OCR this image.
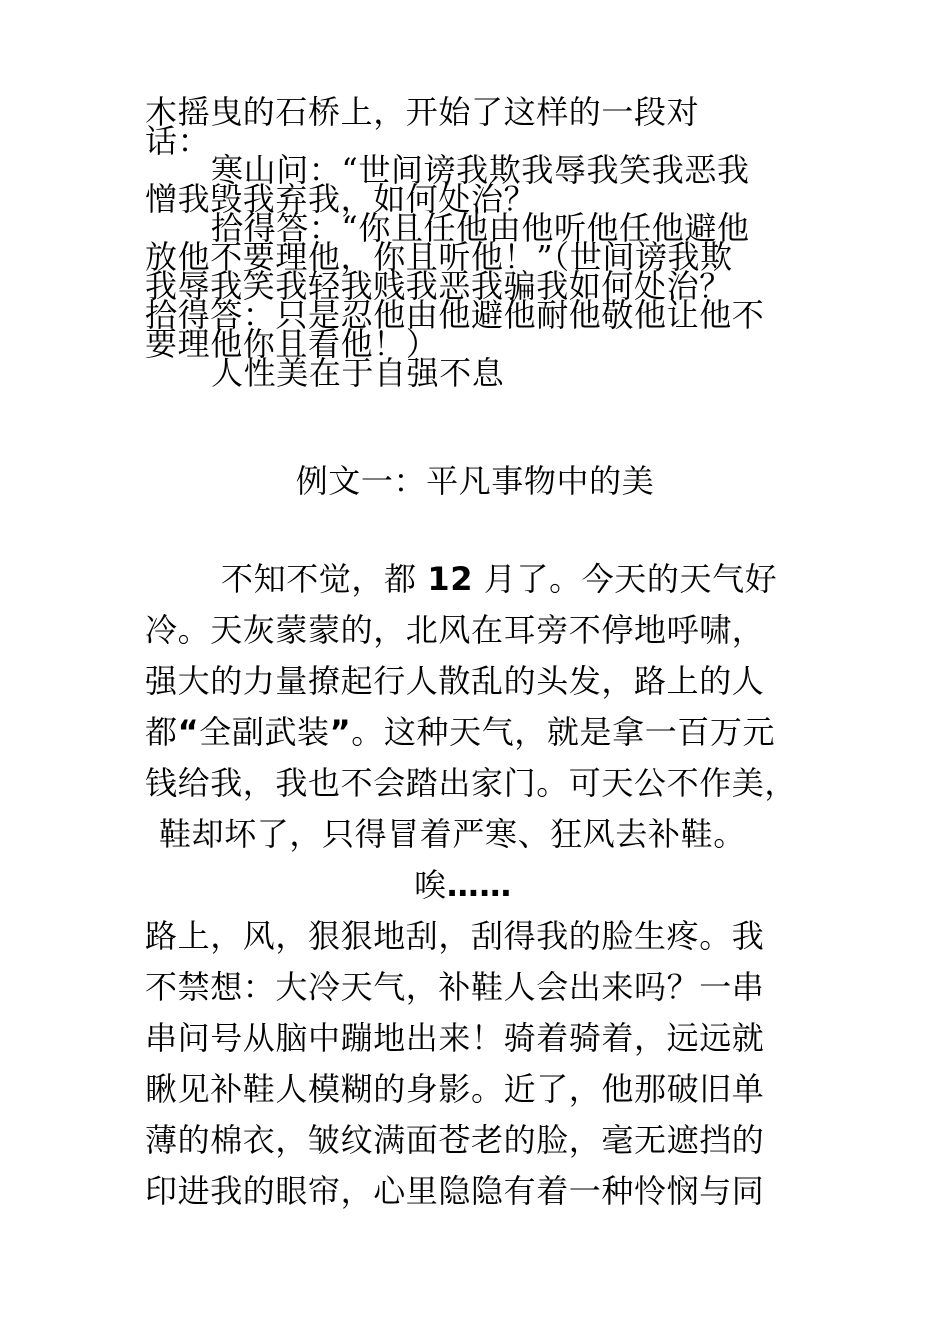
木摇曳的石桥上，开始了这样的一段对

话：

寒山问：“世间谤我欺我辱我笑我恶我

憎我毁我弃我，如何处治？

拾得答：“你且任他由他听他任他避他

放他不要理他，你且听他！”（世间谤我欺

我辱我笑我轻我贱我恶我骗我如何处治？

拾得答：只是忍他由他避他耐他敬他让他不

要理他你且看他！）

人性美在于自强不息

例文一：平凡事物中的美
不知不觉，都 12 月了。今天的天气好
冷。天灰蒙蒙的，北风在耳旁不停地呼啸，
强大的力量撩起行人散乱的头发，路上的人
都“全副武装”。这种天气，就是拿一百万元
钱给我，我也不会踏出家门。可天公不作美，
鞋却坏了，只得冒着严寒、狂风去补鞋。
唉……
路上，风，狠狠地刮，刮得我的脸生疼。我
不禁想：大冷天气，补鞋人会出来吗？一串
串问号从脑中蹦地出来！骑着骑着，远远就
瞅见补鞋人模糊的身影。近了，他那破旧单
薄的棉衣，皱纹满面苍老的脸，毫无遮挡的
印进我的眼帘，心里隐隐有着一种怜悯与同
